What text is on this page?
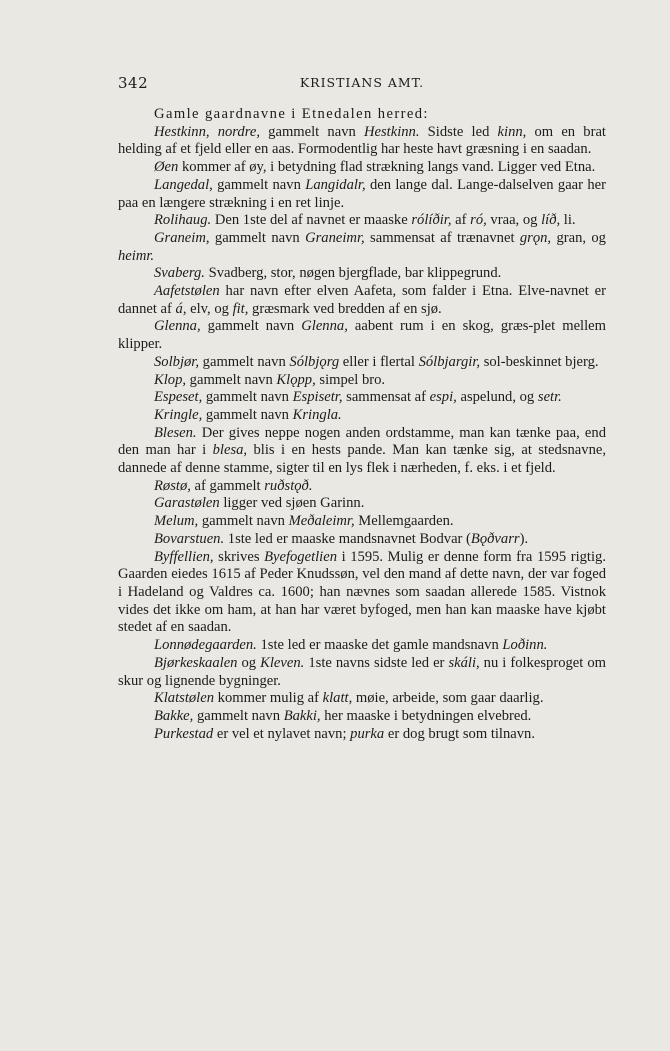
342	KRISTIANS AMT.

Gamle gaardnavne i Etnedalen herred:

Hestkinn, nordre, gammelt navn Hestkinn. Sidste led kinn, om en brat helding af et fjeld eller en aas. Formodentlig har heste havt græsning i en saadan.

Øen kommer af øy, i betydning flad strækning langs vand. Ligger ved Etna.

Langedal, gammelt navn Langidalr, den lange dal. Lange-dalselven gaar her paa en længere strækning i en ret linje.

Rolihaug. Den 1ste del af navnet er maaske rólíðir, af ró, vraa, og líð, li.

Graneim, gammelt navn Graneimr, sammensat af trænavnet grǫn, gran, og heimr.

Svaberg. Svadberg, stor, nøgen bjergflade, bar klippegrund.

Aafetstølen har navn efter elven Aafeta, som falder i Etna. Elve-navnet er dannet af á, elv, og fit, græsmark ved bredden af en sjø.

Glenna, gammelt navn Glenna, aabent rum i en skog, græs-plet mellem klipper.

Solbjør, gammelt navn Sólbjǫrg eller i flertal Sólbjargir, sol-beskinnet bjerg.

Klop, gammelt navn Klǫpp, simpel bro.

Espeset, gammelt navn Espisetr, sammensat af espi, aspelund, og setr.

Kringle, gammelt navn Kringla.

Blesen. Der gives neppe nogen anden ordstamme, man kan tænke paa, end den man har i blesa, blis i en hests pande. Man kan tænke sig, at stedsnavne, dannede af denne stamme, sigter til en lys flek i nærheden, f. eks. i et fjeld.

Røstø, af gammelt ruðstǫð.

Garastølen ligger ved sjøen Garinn.

Melum, gammelt navn Meðaleimr, Mellemgaarden.

Bovarstuen. 1ste led er maaske mandsnavnet Bodvar (Bǫðvarr).

Byffellien, skrives Byefogetlien i 1595. Mulig er denne form fra 1595 rigtig. Gaarden eiedes 1615 af Peder Knudssøn, vel den mand af dette navn, der var foged i Hadeland og Valdres ca. 1600; han nævnes som saadan allerede 1585. Vistnok vides det ikke om ham, at han har været byfoged, men han kan maaske have kjøbt stedet af en saadan.

Lonnødegaarden. 1ste led er maaske det gamle mandsnavn Loðinn.

Bjørkeskaalen og Kleven. 1ste navns sidste led er skáli, nu i folkesproget om skur og lignende bygninger.

Klatstølen kommer mulig af klatt, møie, arbeide, som gaar daarlig.

Bakke, gammelt navn Bakki, her maaske i betydningen elvebred.

Purkestad er vel et nylavet navn; purka er dog brugt som tilnavn.
